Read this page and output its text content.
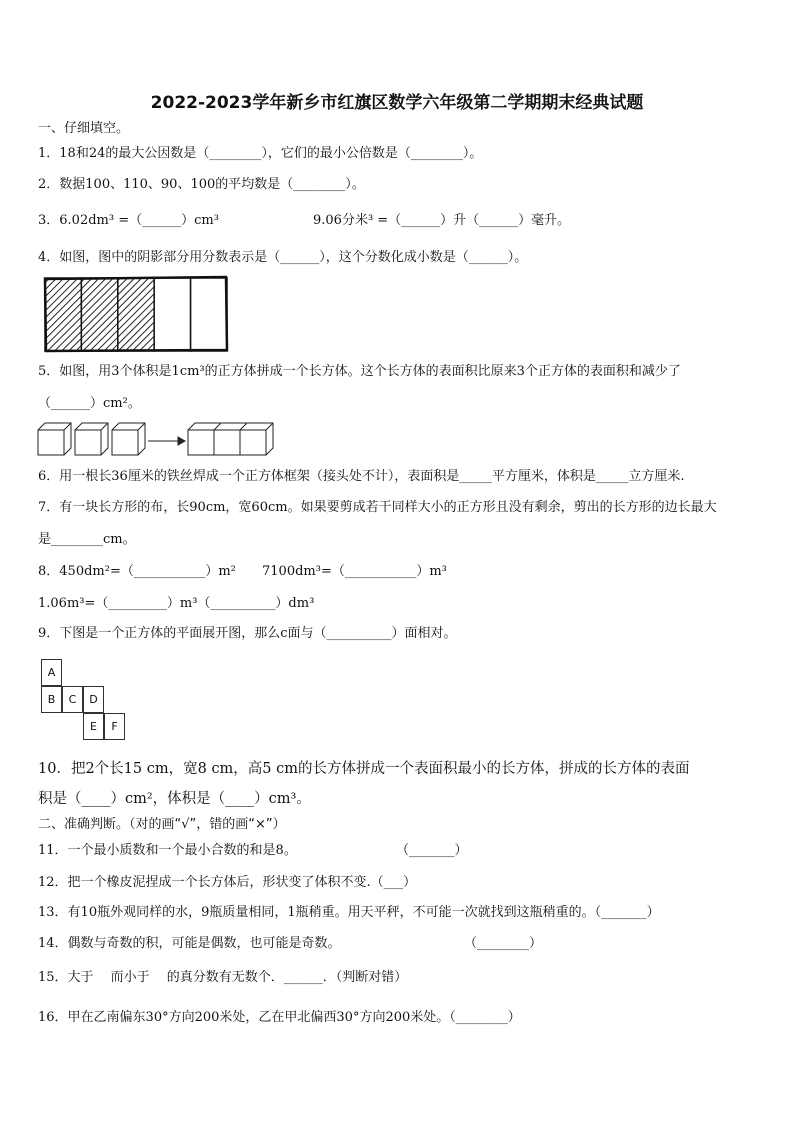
2022-2023学年新乡市红旗区数学六年级第二学期期末经典试题
一、仔细填空。
1．18和24的最大公因数是（________），它们的最小公倍数是（________）。
2．数据100、110、90、100的平均数是（________）。
3．6.02dm³ =（______）cm³	9.06分米³ =（______）升（______）毫升。
4．如图，图中的阴影部分用分数表示是（______），这个分数化成小数是（______）。
5．如图，用3个体积是1cm³的正方体拼成一个长方体。这个长方体的表面积比原来3个正方体的表面积和减少了
（______）cm²。
6．用一根长36厘米的铁丝焊成一个正方体框架（接头处不计），表面积是_____平方厘米，体积是_____立方厘米.
7．有一块长方形的布，长90cm，宽60cm。如果要剪成若干同样大小的正方形且没有剩余，剪出的长方形的边长最大
是________cm。
8．450dm²=（___________）m² 7100dm³=（___________）m³
1.06m³=（_________）m³（__________）dm³
9．下图是一个正方体的平面展开图，那么c面与（__________）面相对。
A
B	C	D
E	F
10．把2个长15 cm，宽8 cm，高5 cm的长方体拼成一个表面积最小的长方体，拼成的长方体的表面
积是（____）cm²，体积是（____）cm³。
二、准确判断。（对的画“√”，错的画“×”）
11．一个最小质数和一个最小合数的和是8。	（_______）
12．把一个橡皮泥捏成一个长方体后，形状变了体积不变.（___）
13．有10瓶外观同样的水，9瓶质量相同，1瓶稍重。用天平秤，不可能一次就找到这瓶稍重的。（_______）
14．偶数与奇数的积，可能是偶数，也可能是奇数。	（________）
15．大于　 而小于　 的真分数有无数个．______．（判断对错）
16．甲在乙南偏东30°方向200米处，乙在甲北偏西30°方向200米处。（________）
